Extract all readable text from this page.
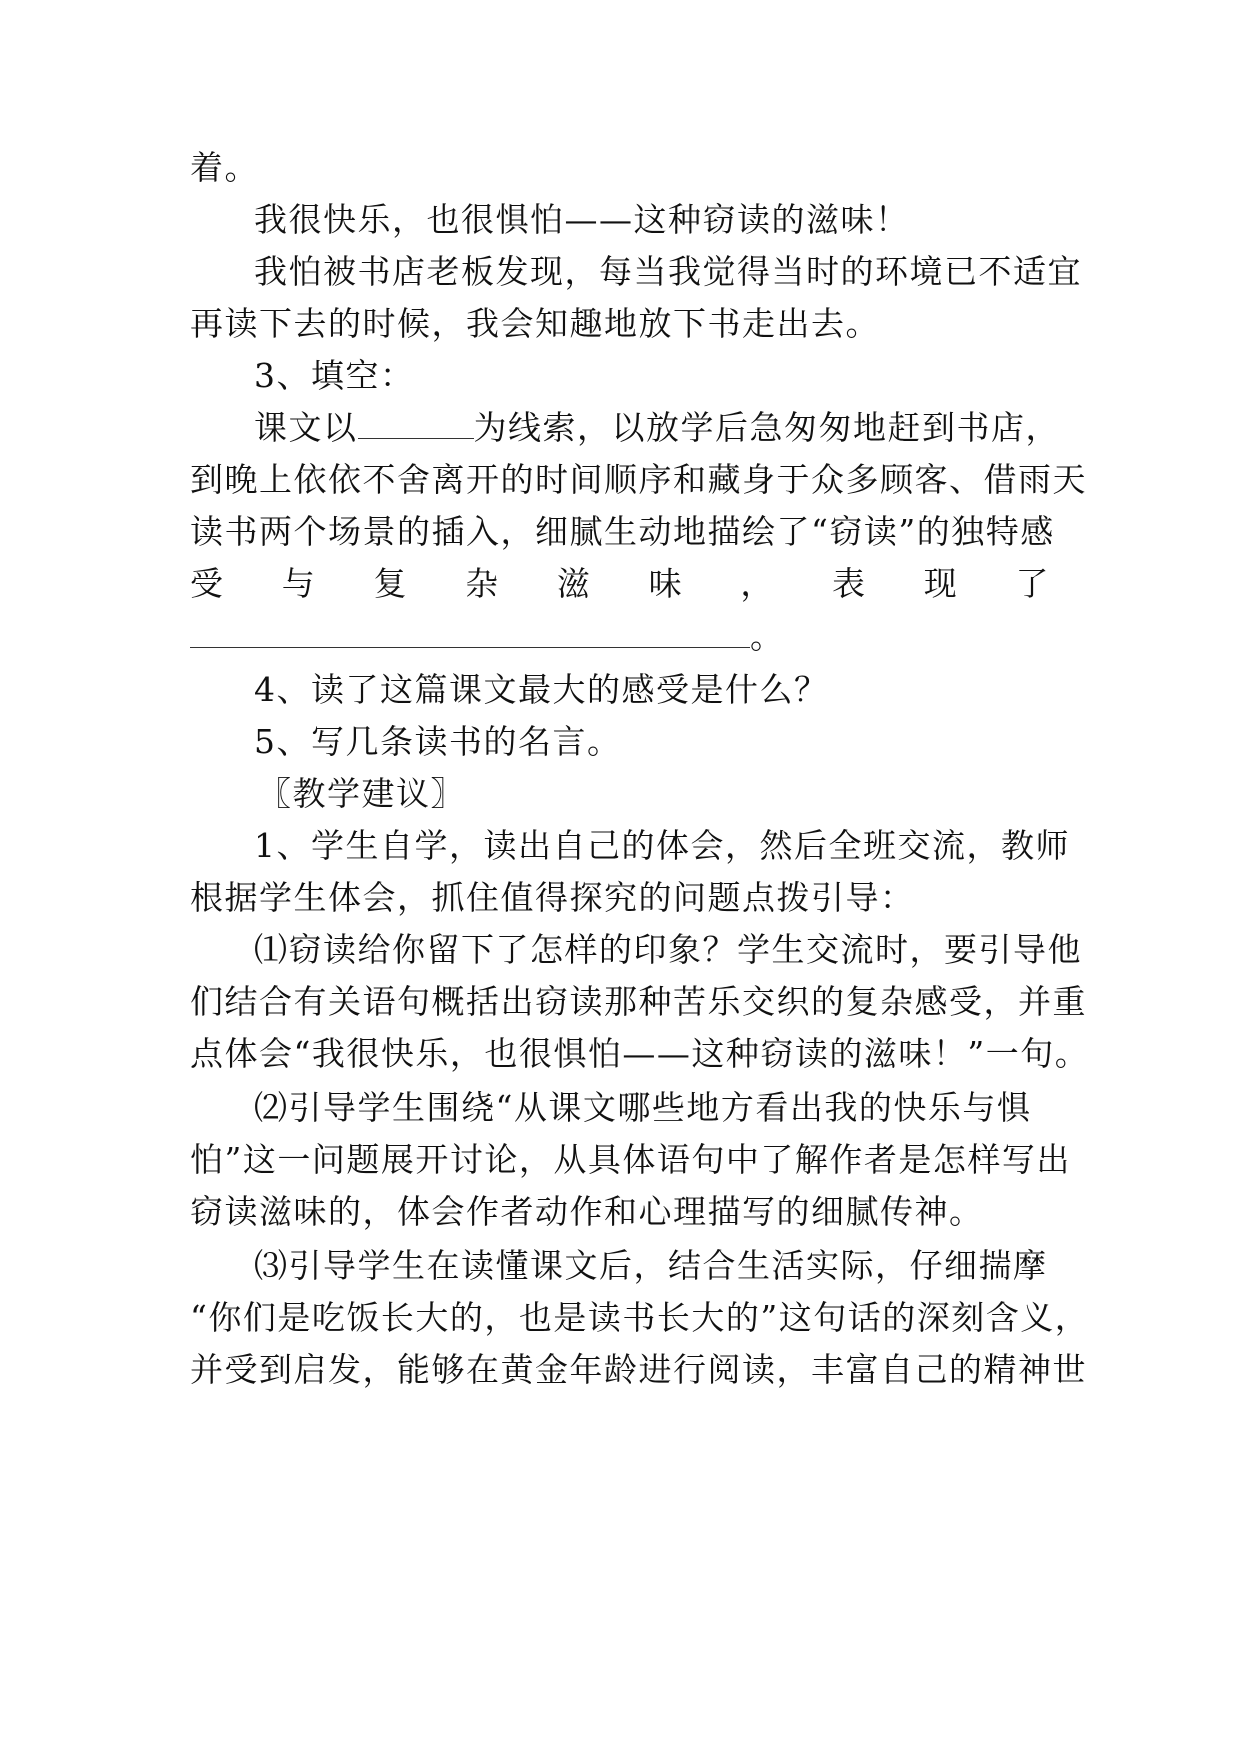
着。
我很快乐，也很惧怕——这种窃读的滋味！
我怕被书店老板发现，每当我觉得当时的环境已不适宜
再读下去的时候，我会知趣地放下书走出去。
3、填空：
课文以	为线索，以放学后急匆匆地赶到书店，
到晚上依依不舍离开的时间顺序和藏身于众多顾客、借雨天
读书两个场景的插入，细腻生动地描绘了“窃读”的独特感
受 与 复 杂 滋 味 ， 表 现 了
。
4、读了这篇课文最大的感受是什么？
5、写几条读书的名言。
〖教学建议〗
1、学生自学，读出自己的体会，然后全班交流，教师
根据学生体会，抓住值得探究的问题点拨引导：
⑴窃读给你留下了怎样的印象？学生交流时，要引导他
们结合有关语句概括出窃读那种苦乐交织的复杂感受，并重
点体会“我很快乐，也很惧怕——这种窃读的滋味！”一句。
⑵引导学生围绕“从课文哪些地方看出我的快乐与惧
怕”这一问题展开讨论，从具体语句中了解作者是怎样写出
窃读滋味的，体会作者动作和心理描写的细腻传神。
⑶引导学生在读懂课文后，结合生活实际，仔细揣摩
“你们是吃饭长大的，也是读书长大的”这句话的深刻含义，
并受到启发，能够在黄金年龄进行阅读，丰富自己的精神世
